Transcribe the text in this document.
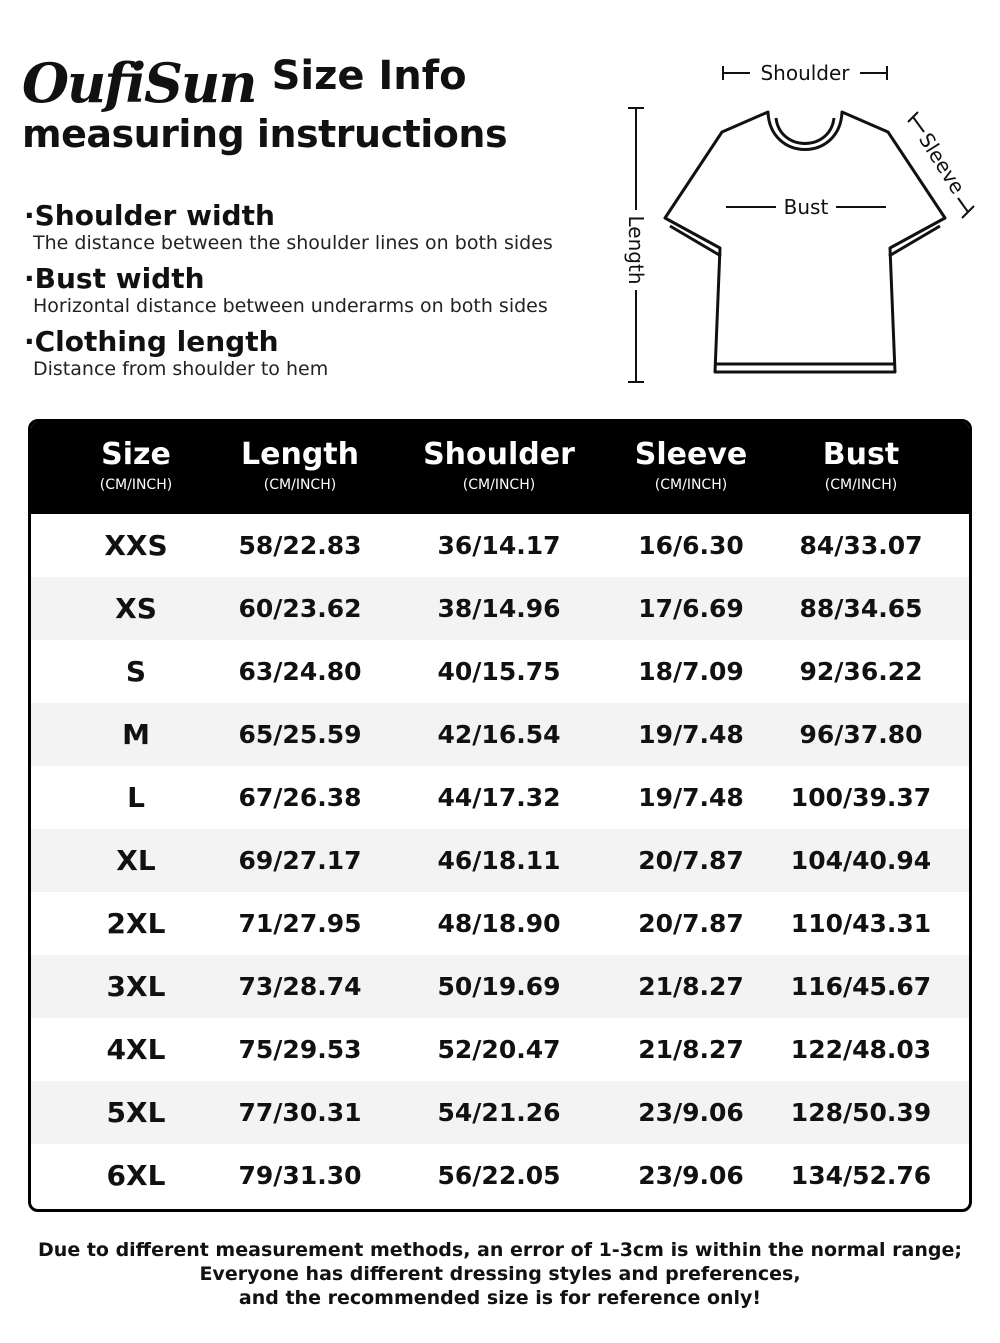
OufiSun Size Info
measuring instructions
·Shoulder width
The distance between the shoulder lines on both sides
·Bust width
Horizontal distance between underarms on both sides
·Clothing length
Distance from shoulder to hem
Shoulder
Bust
Length
Sleeve
Size
(CM/INCH)
Length
(CM/INCH)
Shoulder
(CM/INCH)
Sleeve
(CM/INCH)
Bust
(CM/INCH)
XXS	58/22.83	36/14.17	16/6.30	84/33.07
XS	60/23.62	38/14.96	17/6.69	88/34.65
S	63/24.80	40/15.75	18/7.09	92/36.22
M	65/25.59	42/16.54	19/7.48	96/37.80
L	67/26.38	44/17.32	19/7.48	100/39.37
XL	69/27.17	46/18.11	20/7.87	104/40.94
2XL	71/27.95	48/18.90	20/7.87	110/43.31
3XL	73/28.74	50/19.69	21/8.27	116/45.67
4XL	75/29.53	52/20.47	21/8.27	122/48.03
5XL	77/30.31	54/21.26	23/9.06	128/50.39
6XL	79/31.30	56/22.05	23/9.06	134/52.76
Due to different measurement methods, an error of 1-3cm is within the normal range;
Everyone has different dressing styles and preferences,
and the recommended size is for reference only!
